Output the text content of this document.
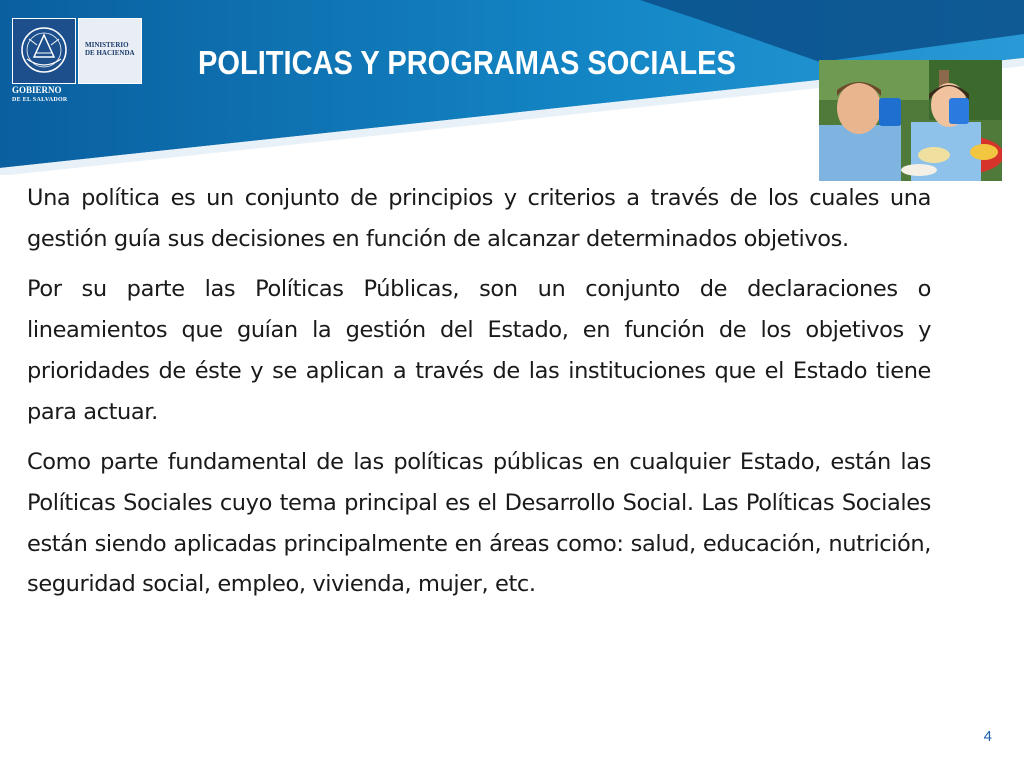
MINISTERIO DE HACIENDA
GOBIERNO
DE EL SALVADOR
POLITICAS Y PROGRAMAS SOCIALES

Una política es un conjunto de principios y criterios a través de los cuales una gestión guía sus decisiones en función de alcanzar determinados objetivos.

Por su parte las Políticas Públicas, son un conjunto de declaraciones o lineamientos que guían la gestión del Estado, en función de los objetivos y prioridades de éste y se aplican a través de las instituciones que el Estado tiene para actuar.

Como parte fundamental de las políticas públicas en cualquier Estado, están las Políticas Sociales cuyo tema principal es el Desarrollo Social. Las Políticas Sociales están siendo aplicadas principalmente en áreas como: salud, educación, nutrición, seguridad social, empleo, vivienda, mujer, etc.

4
